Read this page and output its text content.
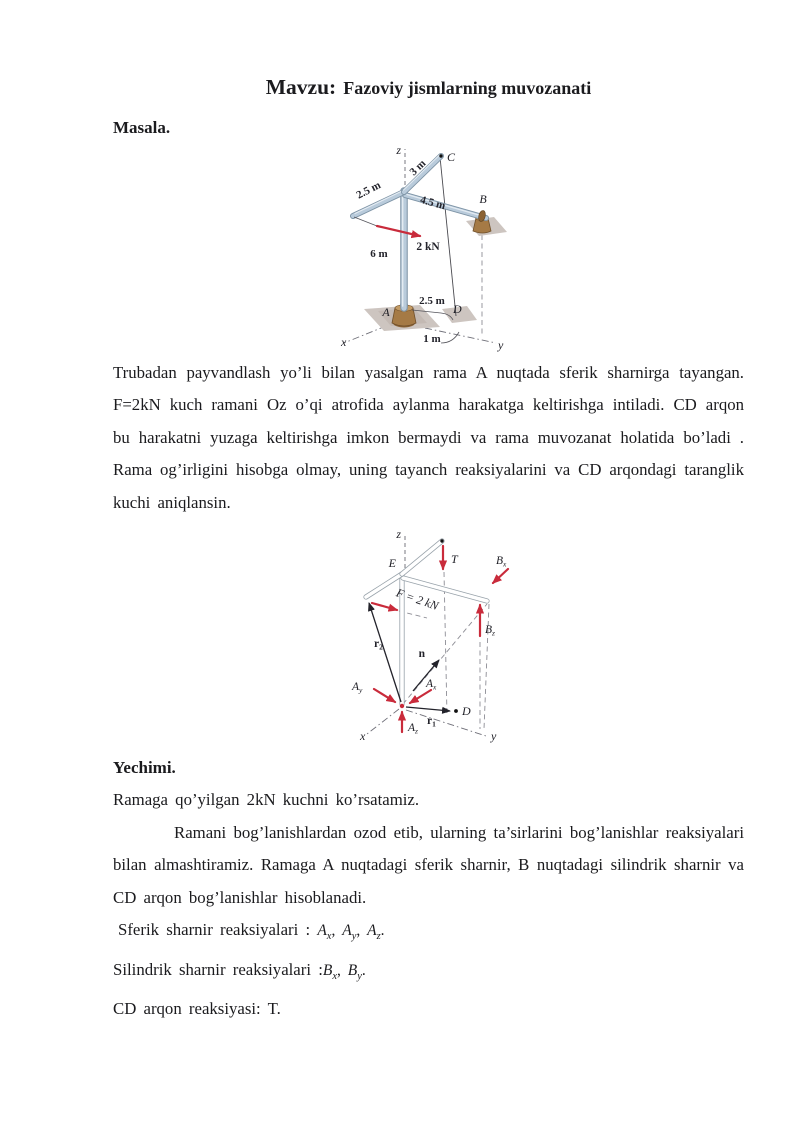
Mavzu: Fazoviy jismlarning muvozanati
Masala.
z	C
B
A	D
x	y
3 m
2.5 m
4.5 m
6 m
2 kN
2.5 m
1 m
Trubadan payvandlash yo’li bilan yasalgan rama A nuqtada sferik sharnirga tayangan. F=2kN kuch ramani Oz o’qi atrofida aylanma harakatga keltirishga intiladi. CD arqon bu harakatni yuzaga keltirishga imkon bermaydi va rama muvozanat holatida bo’ladi . Rama og’irligini hisobga olmay, uning tayanch reaksiyalarini va CD arqondagi taranglik kuchi aniqlansin.
z
E	T	$B_x$
$B_z$
F = 2 kN
$r_2$
n
$A_y$	$A_x$
$A_z$
$r_1$
D
x	y

Yechimi.

Ramaga qo’yilgan 2kN kuchni ko’rsatamiz.

Ramani bog’lanishlardan ozod etib, ularning ta’sirlarini bog’lanishlar reaksiyalari bilan almashtiramiz. Ramaga A nuqtadagi sferik sharnir, B nuqtadagi silindrik sharnir va CD arqon bog’lanishlar hisoblanadi.

Sferik sharnir reaksiyalari : $A_x$, $A_y$, $A_z$.

Silindrik sharnir reaksiyalari $:B_x$, $B_y$.

CD arqon reaksiyasi: T.
